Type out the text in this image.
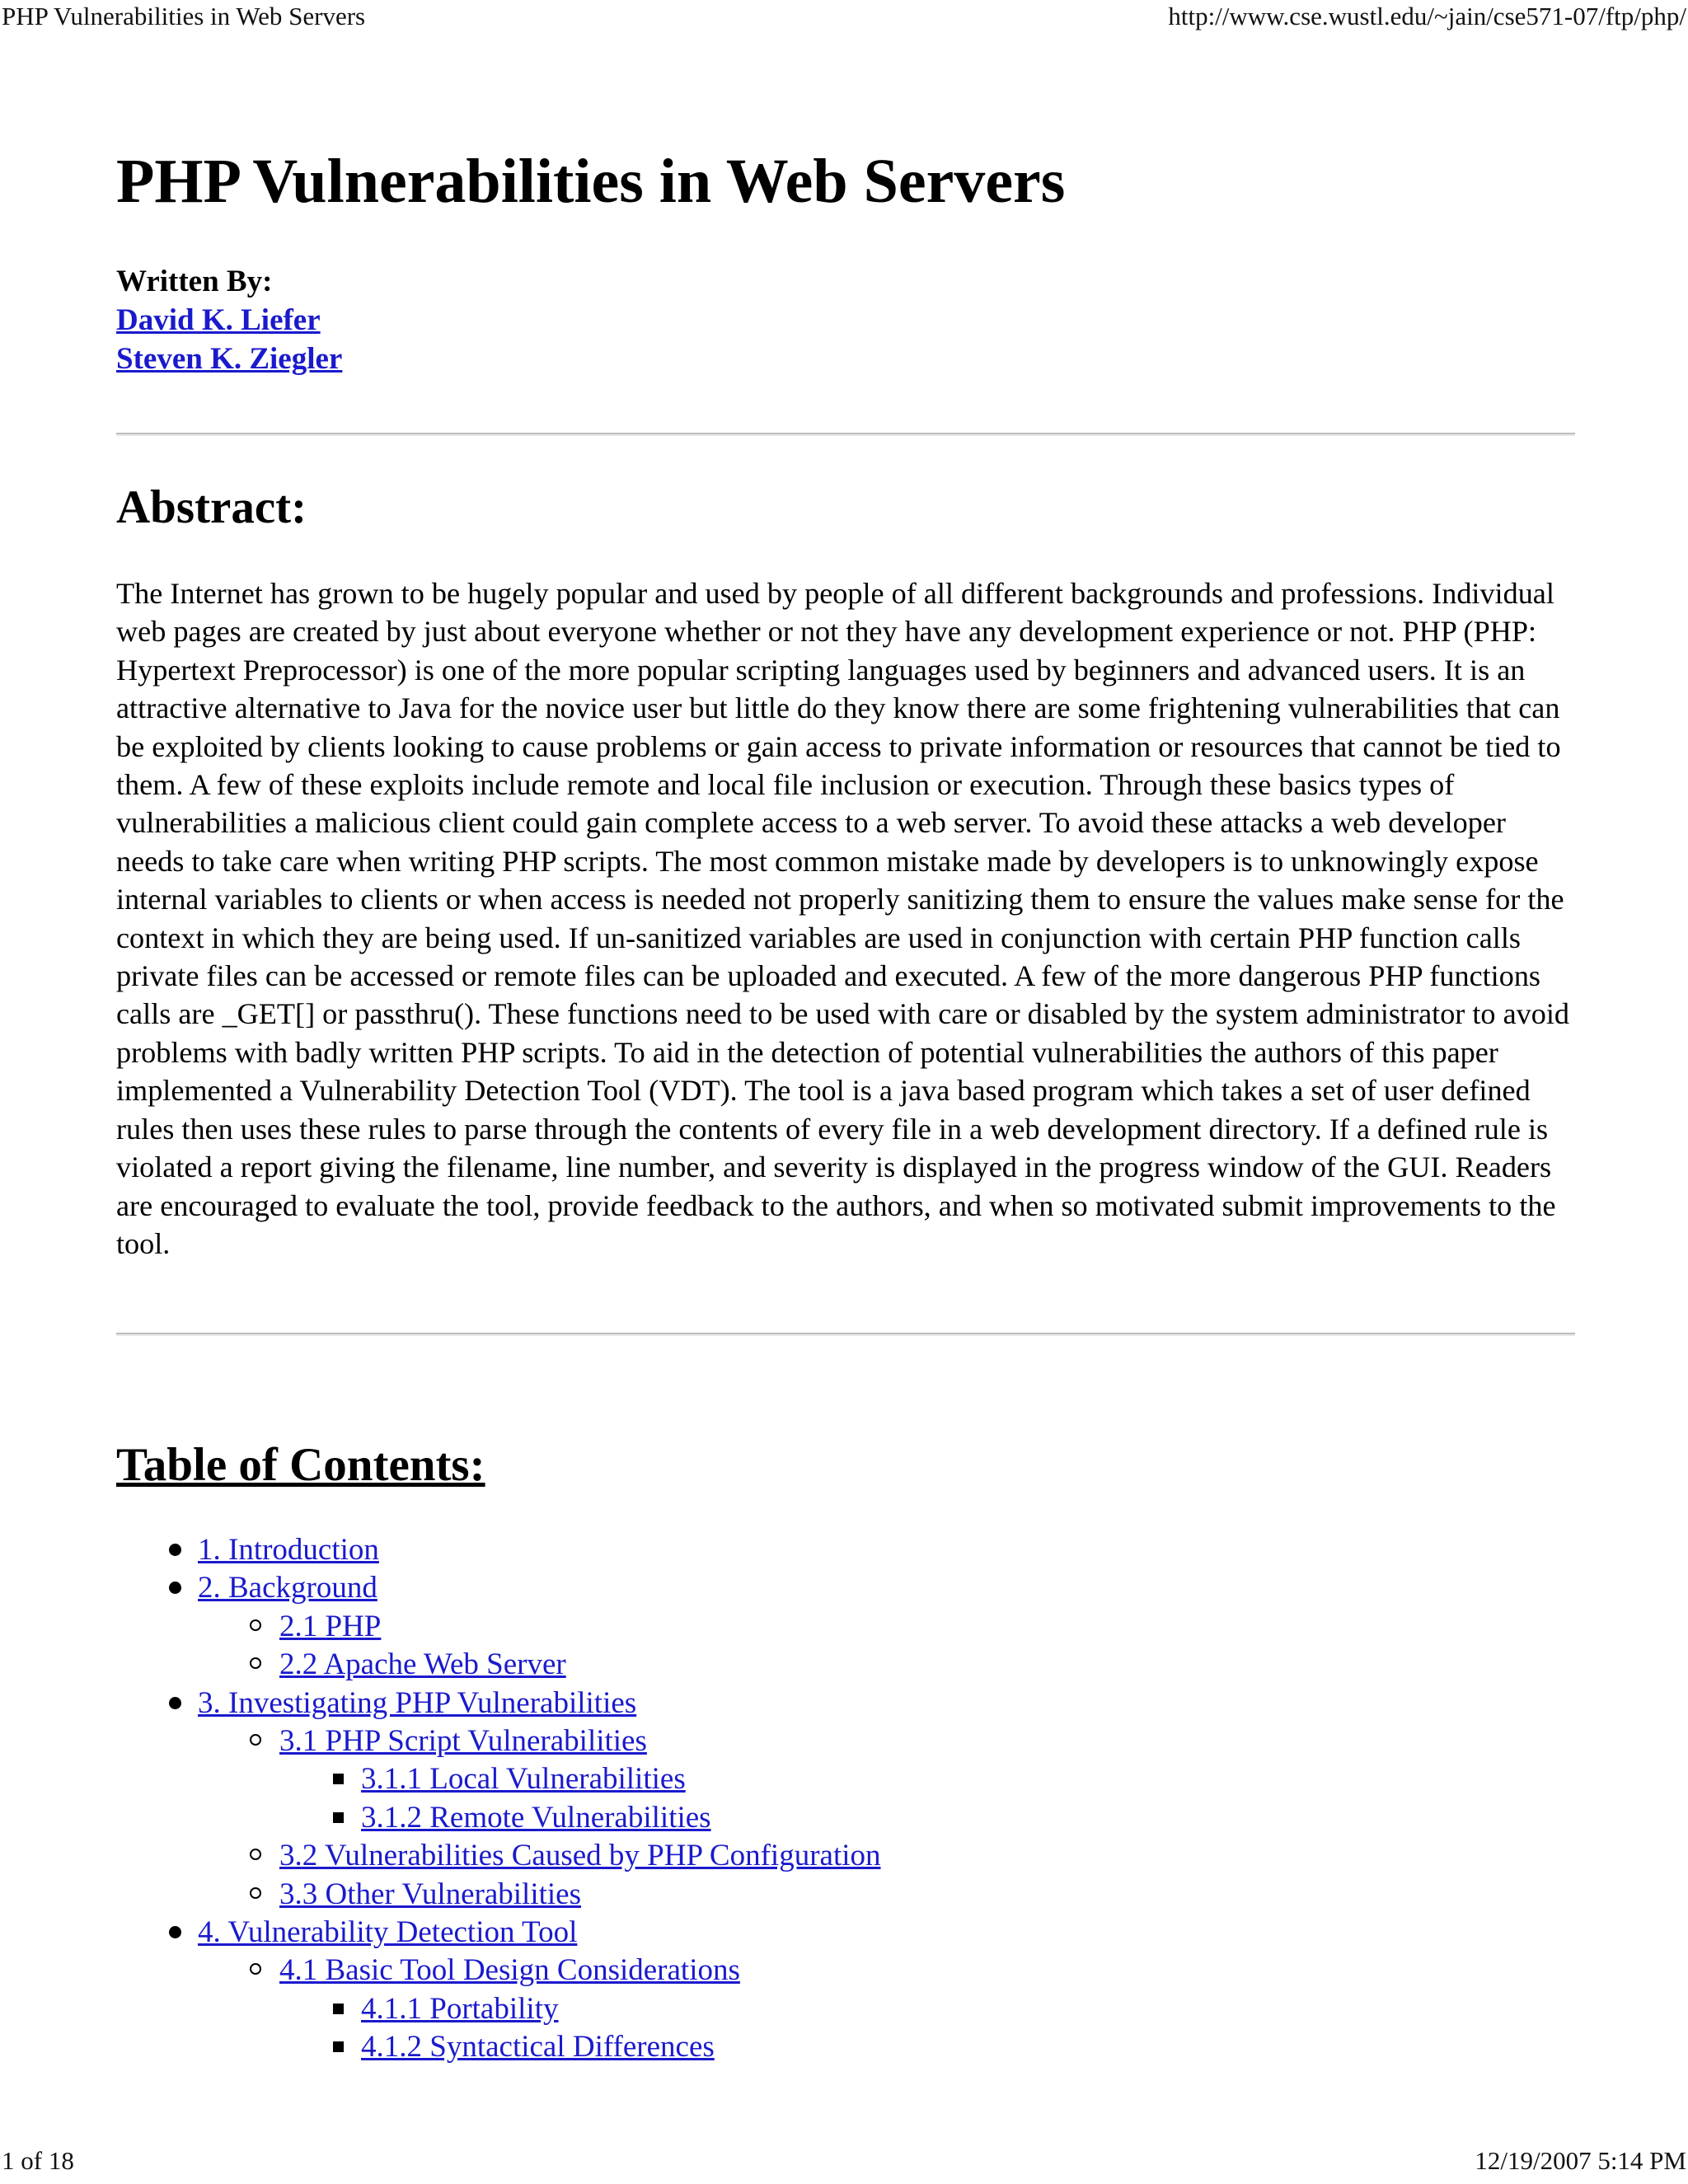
PHP Vulnerabilities in Web Servers	http://www.cse.wustl.edu/~jain/cse571-07/ftp/php/
PHP Vulnerabilities in Web Servers
Written By:
David K. Liefer
Steven K. Ziegler
Abstract:

The Internet has grown to be hugely popular and used by people of all different backgrounds and professions. Individual web pages are created by just about everyone whether or not they have any development experience or not. PHP (PHP: Hypertext Preprocessor) is one of the more popular scripting languages used by beginners and advanced users. It is an attractive alternative to Java for the novice user but little do they know there are some frightening vulnerabilities that can be exploited by clients looking to cause problems or gain access to private information or resources that cannot be tied to them. A few of these exploits include remote and local file inclusion or execution. Through these basics types of vulnerabilities a malicious client could gain complete access to a web server. To avoid these attacks a web developer needs to take care when writing PHP scripts. The most common mistake made by developers is to unknowingly expose internal variables to clients or when access is needed not properly sanitizing them to ensure the values make sense for the context in which they are being used. If un-sanitized variables are used in conjunction with certain PHP function calls private files can be accessed or remote files can be uploaded and executed. A few of the more dangerous PHP functions calls are _GET[] or passthru(). These functions need to be used with care or disabled by the system administrator to avoid problems with badly written PHP scripts. To aid in the detection of potential vulnerabilities the authors of this paper implemented a Vulnerability Detection Tool (VDT). The tool is a java based program which takes a set of user defined rules then uses these rules to parse through the contents of every file in a web development directory. If a defined rule is violated a report giving the filename, line number, and severity is displayed in the progress window of the GUI. Readers are encouraged to evaluate the tool, provide feedback to the authors, and when so motivated submit improvements to the tool.

Table of Contents:
1. Introduction
2. Background
2.1 PHP
2.2 Apache Web Server
3. Investigating PHP Vulnerabilities
3.1 PHP Script Vulnerabilities
3.1.1 Local Vulnerabilities
3.1.2 Remote Vulnerabilities
3.2 Vulnerabilities Caused by PHP Configuration
3.3 Other Vulnerabilities
4. Vulnerability Detection Tool
4.1 Basic Tool Design Considerations
4.1.1 Portability
4.1.2 Syntactical Differences
1 of 18	12/19/2007 5:14 PM
